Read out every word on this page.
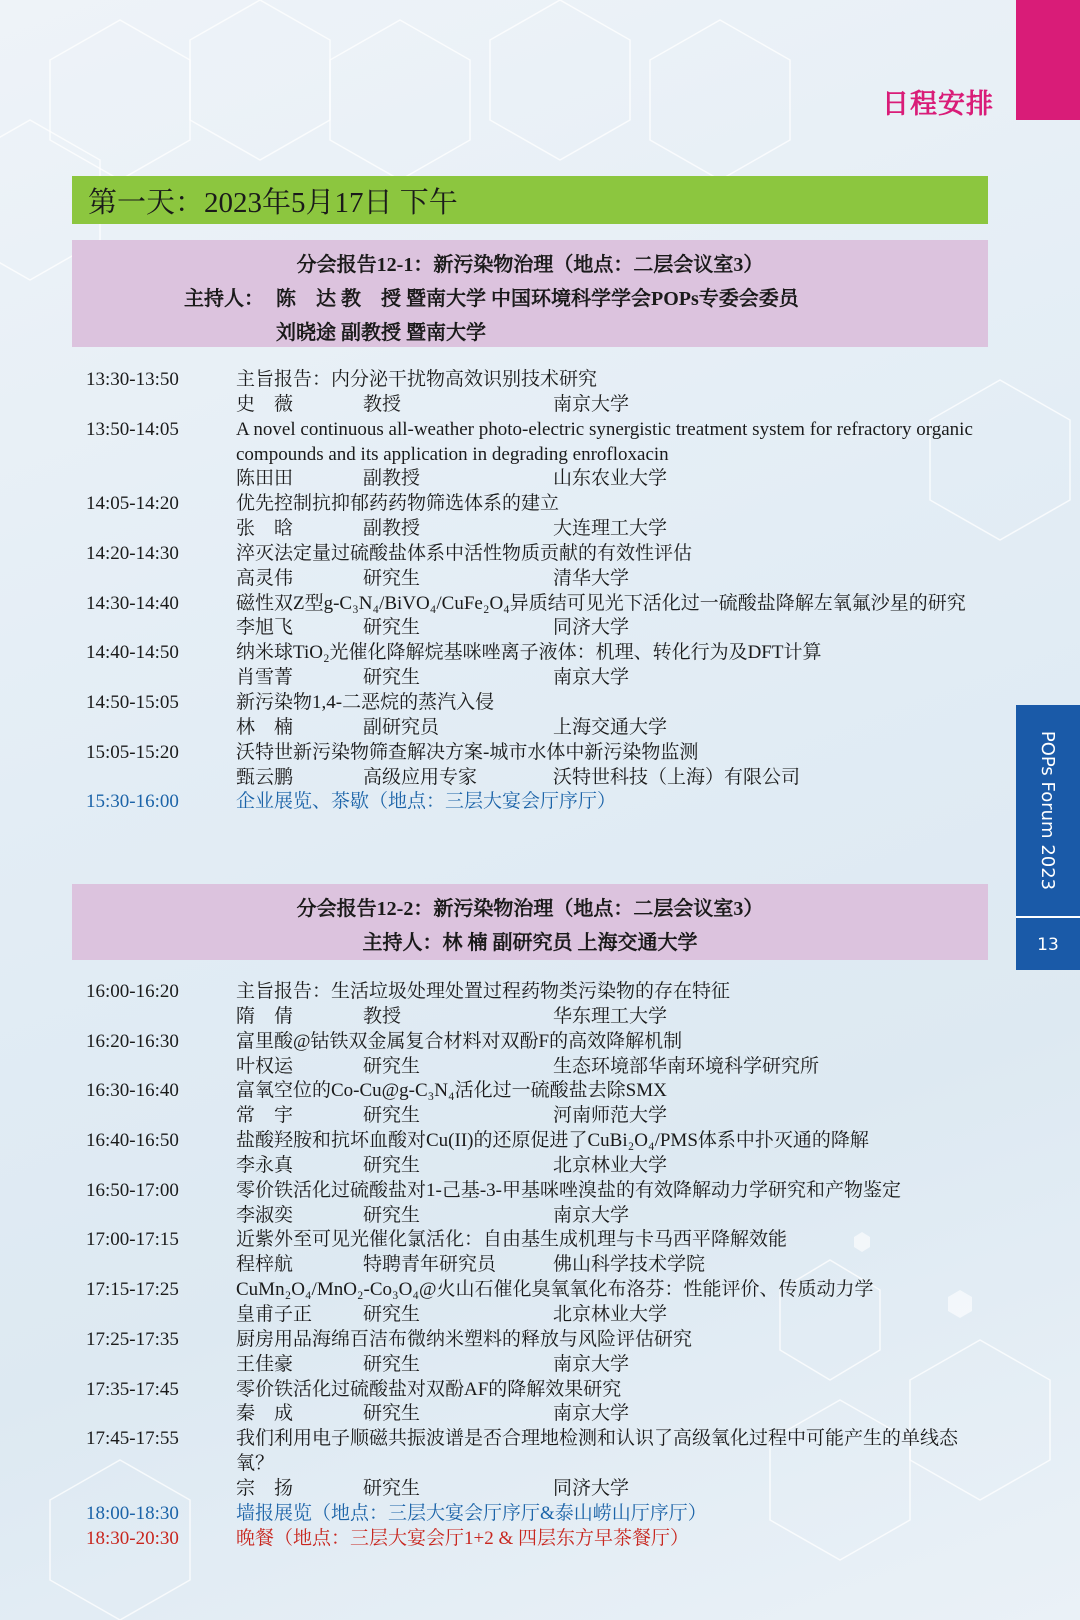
日程安排
POPs Forum 2023
13
第一天：2023年5月17日 下午
分会报告12-1：新污染物治理（地点：二层会议室3）
主持人： 陈　达 教　授 暨南大学 中国环境科学学会POPs专委会委员
刘晓途 副教授 暨南大学
13:30-13:50	主旨报告：内分泌干扰物高效识别技术研究
史　薇	教授	南京大学
13:50-14:05	A novel continuous all-weather photo-electric synergistic treatment system for refractory organic compounds and its application in degrading enrofloxacin
陈田田	副教授	山东农业大学
14:05-14:20	优先控制抗抑郁药药物筛选体系的建立
张　晗	副教授	大连理工大学
14:20-14:30	淬灭法定量过硫酸盐体系中活性物质贡献的有效性评估
高灵伟	研究生	清华大学
14:30-14:40	磁性双Z型g-C₃N₄/BiVO₄/CuFe₂O₄异质结可见光下活化过一硫酸盐降解左氧氟沙星的研究
李旭飞	研究生	同济大学
14:40-14:50	纳米球TiO₂光催化降解烷基咪唑离子液体：机理、转化行为及DFT计算
肖雪菁	研究生	南京大学
14:50-15:05	新污染物1,4-二恶烷的蒸汽入侵
林　楠	副研究员	上海交通大学
15:05-15:20	沃特世新污染物筛查解决方案-城市水体中新污染物监测
甄云鹏	高级应用专家	沃特世科技（上海）有限公司
15:30-16:00	企业展览、茶歇（地点：三层大宴会厅序厅）
分会报告12-2：新污染物治理（地点：二层会议室3）
主持人：林 楠 副研究员 上海交通大学
16:00-16:20	主旨报告：生活垃圾处理处置过程药物类污染物的存在特征
隋　倩	教授	华东理工大学
16:20-16:30	富里酸@钴铁双金属复合材料对双酚F的高效降解机制
叶权运	研究生	生态环境部华南环境科学研究所
16:30-16:40	富氧空位的Co-Cu@g-C₃N₄活化过一硫酸盐去除SMX
常　宇	研究生	河南师范大学
16:40-16:50	盐酸羟胺和抗坏血酸对Cu(II)的还原促进了CuBi₂O₄/PMS体系中扑灭通的降解
李永真	研究生	北京林业大学
16:50-17:00	零价铁活化过硫酸盐对1-己基-3-甲基咪唑溴盐的有效降解动力学研究和产物鉴定
李淑奕	研究生	南京大学
17:00-17:15	近紫外至可见光催化氯活化：自由基生成机理与卡马西平降解效能
程梓航	特聘青年研究员	佛山科学技术学院
17:15-17:25	CuMn₂O₄/MnO₂-Co₃O₄@火山石催化臭氧氧化布洛芬：性能评价、传质动力学
皇甫子正	研究生	北京林业大学
17:25-17:35	厨房用品海绵百洁布微纳米塑料的释放与风险评估研究
王佳豪	研究生	南京大学
17:35-17:45	零价铁活化过硫酸盐对双酚AF的降解效果研究
秦　成	研究生	南京大学
17:45-17:55	我们利用电子顺磁共振波谱是否合理地检测和认识了高级氧化过程中可能产生的单线态氧？
宗　扬	研究生	同济大学
18:00-18:30	墙报展览（地点：三层大宴会厅序厅&泰山崂山厅序厅）
18:30-20:30	晚餐（地点：三层大宴会厅1+2 & 四层东方早茶餐厅）
